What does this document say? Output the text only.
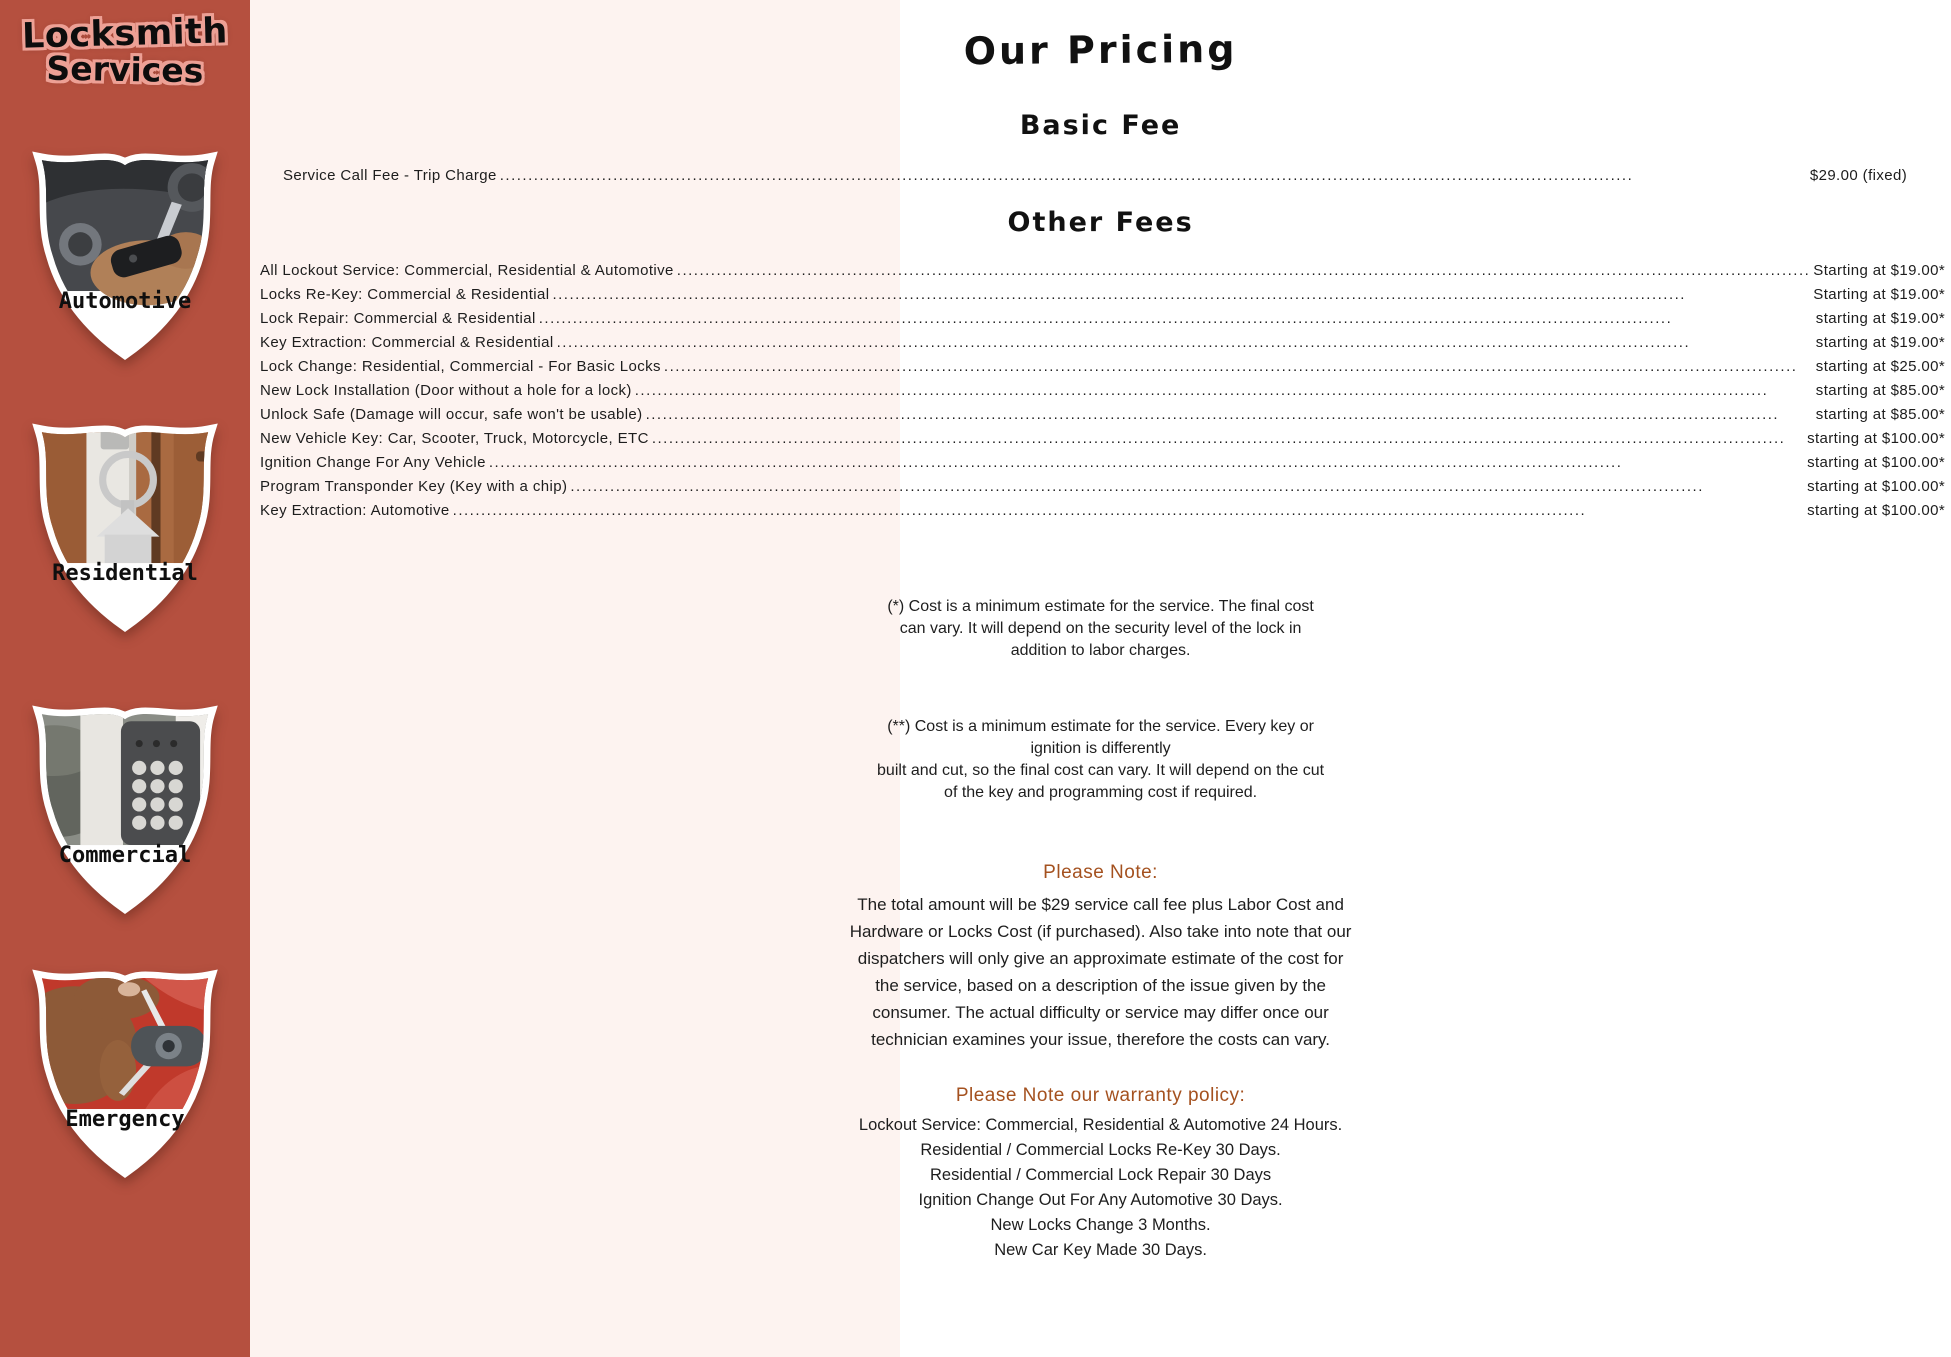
Locksmith
Services
Automotive
Residential
Commercial
Emergency
Our Pricing
Basic Fee
Service Call Fee - Trip Charge ........................................................................................................................................................................................................	$29.00 (fixed)
Other Fees
All Lockout Service: Commercial, Residential & Automotive ........................................................................................................................................................................................................ Starting at $19.00*
Locks Re-Key: Commercial & Residential ........................................................................................................................................................................................................	Starting at $19.00*
Lock Repair: Commercial & Residential ........................................................................................................................................................................................................	starting at $19.00*
Key Extraction: Commercial & Residential ........................................................................................................................................................................................................	starting at $19.00*
Lock Change: Residential, Commercial - For Basic Locks ........................................................................................................................................................................................................	starting at $25.00*
New Lock Installation (Door without a hole for a lock) ........................................................................................................................................................................................................	starting at $85.00*
Unlock Safe (Damage will occur, safe won't be usable) ........................................................................................................................................................................................................	starting at $85.00*
New Vehicle Key: Car, Scooter, Truck, Motorcycle, ETC ........................................................................................................................................................................................................	starting at $100.00*
Ignition Change For Any Vehicle ........................................................................................................................................................................................................	starting at $100.00*
Program Transponder Key (Key with a chip) ........................................................................................................................................................................................................	starting at $100.00*
Key Extraction: Automotive ........................................................................................................................................................................................................	starting at $100.00*
(*) Cost is a minimum estimate for the service. The final cost
can vary. It will depend on the security level of the lock in
addition to labor charges.
(**) Cost is a minimum estimate for the service. Every key or
ignition is differently
built and cut, so the final cost can vary. It will depend on the cut
of the key and programming cost if required.
Please Note:
The total amount will be $29 service call fee plus Labor Cost and
Hardware or Locks Cost (if purchased). Also take into note that our
dispatchers will only give an approximate estimate of the cost for
the service, based on a description of the issue given by the
consumer. The actual difficulty or service may differ once our
technician examines your issue, therefore the costs can vary.
Please Note our warranty policy:
Lockout Service: Commercial, Residential & Automotive 24 Hours.
Residential / Commercial Locks Re-Key 30 Days.
Residential / Commercial Lock Repair 30 Days
Ignition Change Out For Any Automotive 30 Days.
New Locks Change 3 Months.
New Car Key Made 30 Days.
